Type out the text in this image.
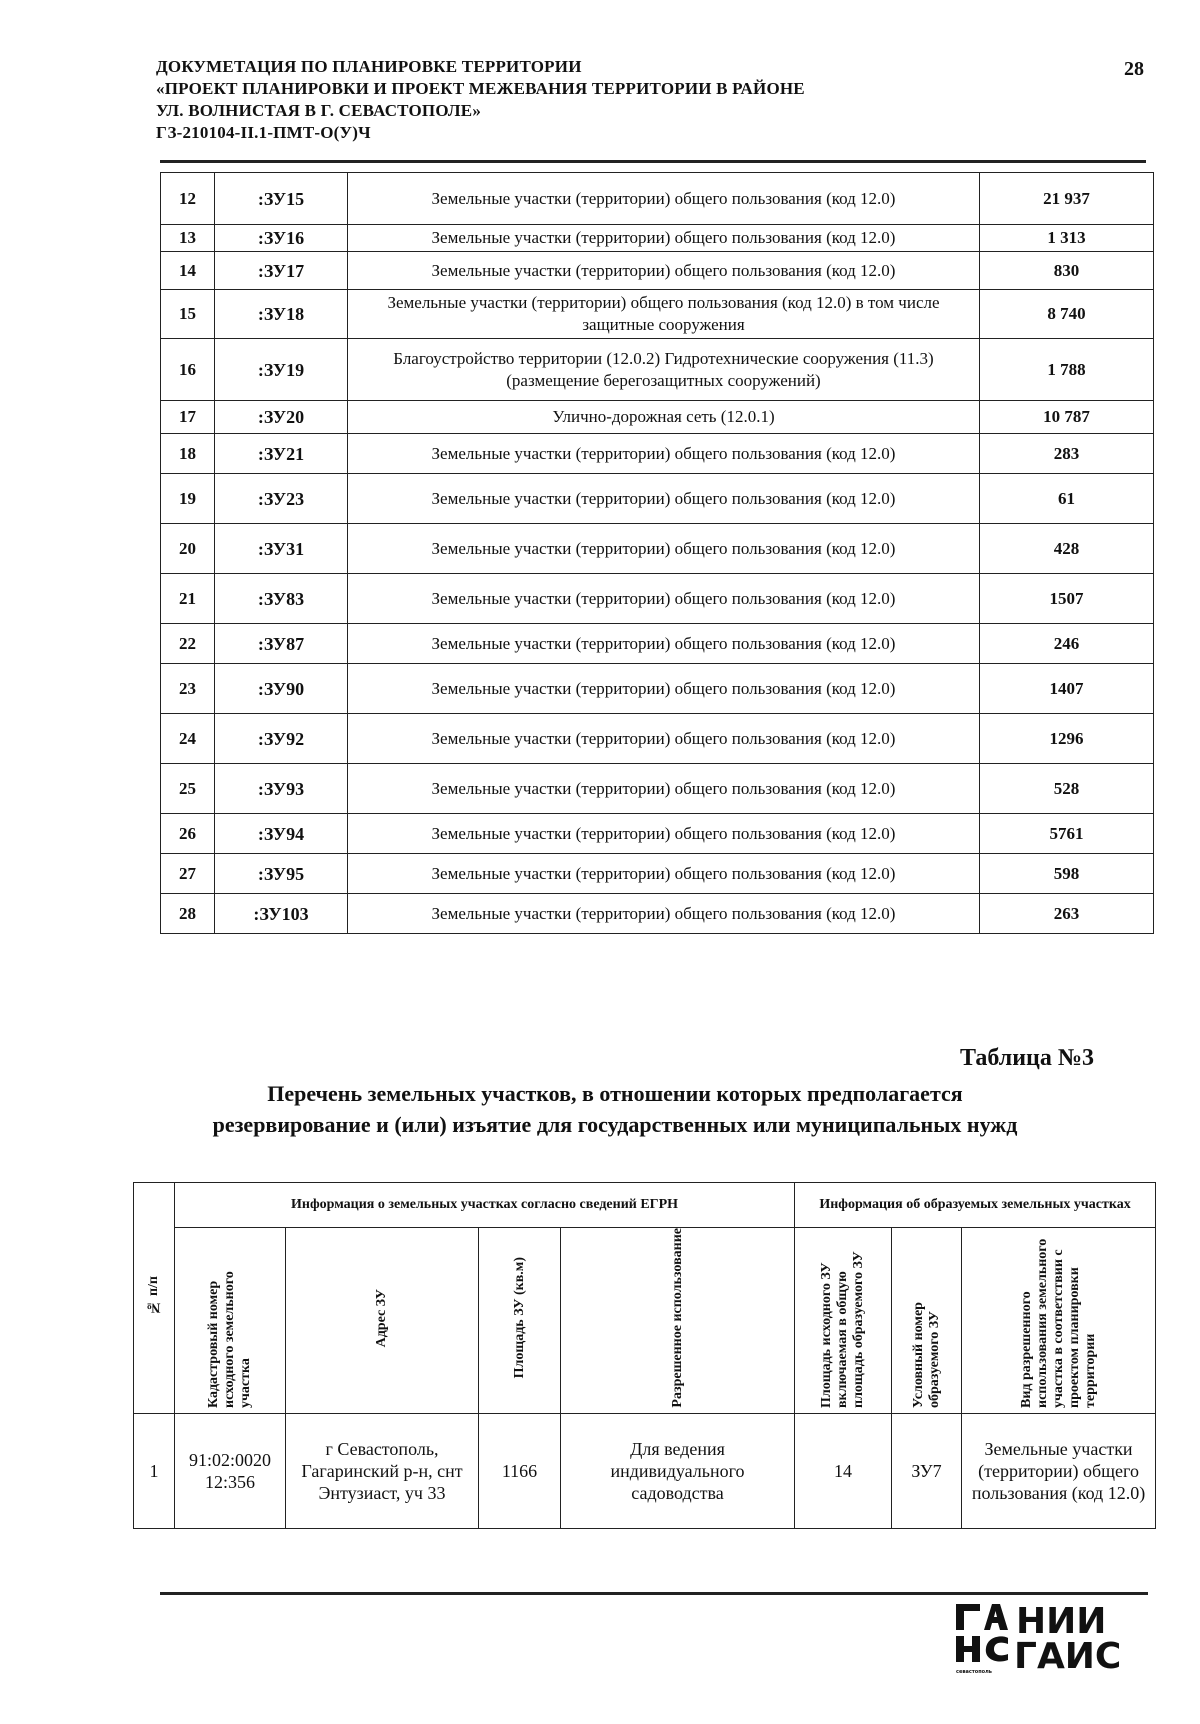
ДОКУМЕТАЦИЯ ПО ПЛАНИРОВКЕ ТЕРРИТОРИИ
«ПРОЕКТ ПЛАНИРОВКИ И ПРОЕКТ МЕЖЕВАНИЯ ТЕРРИТОРИИ В РАЙОНЕ
УЛ. ВОЛНИСТАЯ В Г. СЕВАСТОПОЛЕ»
ГЗ-210104-II.1-ПМТ-О(У)Ч
28
12	:ЗУ15	Земельные участки (территории) общего пользования (код 12.0)	21 937
13	:ЗУ16	Земельные участки (территории) общего пользования (код 12.0)	1 313
14	:ЗУ17	Земельные участки (территории) общего пользования (код 12.0)	830
15	:ЗУ18	Земельные участки (территории) общего пользования (код 12.0) в том числе защитные сооружения	8 740
16	:ЗУ19	Благоустройство территории (12.0.2) Гидротехнические сооружения (11.3)(размещение берегозащитных сооружений)	1 788
17	:ЗУ20	Улично-дорожная сеть (12.0.1)	10 787
18	:ЗУ21	Земельные участки (территории) общего пользования (код 12.0)	283
19	:ЗУ23	Земельные участки (территории) общего пользования (код 12.0)	61
20	:ЗУ31	Земельные участки (территории) общего пользования (код 12.0)	428
21	:ЗУ83	Земельные участки (территории) общего пользования (код 12.0)	1507
22	:ЗУ87	Земельные участки (территории) общего пользования (код 12.0)	246
23	:ЗУ90	Земельные участки (территории) общего пользования (код 12.0)	1407
24	:ЗУ92	Земельные участки (территории) общего пользования (код 12.0)	1296
25	:ЗУ93	Земельные участки (территории) общего пользования (код 12.0)	528
26	:ЗУ94	Земельные участки (территории) общего пользования (код 12.0)	5761
27	:ЗУ95	Земельные участки (территории) общего пользования (код 12.0)	598
28	:ЗУ103	Земельные участки (территории) общего пользования (код 12.0)	263
Таблица №3
Перечень земельных участков, в отношении которых предполагается
резервирование и (или) изъятие для государственных или муниципальных нужд
№ п/п	Информация о земельных участках согласно сведений ЕГРН				Информация об образуемых земельных участках		
	Кадастровый номер исходного земельного участка	Адрес ЗУ	Площадь ЗУ (кв.м)	Разрешенное использование	Площадь исходного ЗУ включаемая в общую площадь образуемого ЗУ	Условный номер образуемого ЗУ	Вид разрешенного использования земельного участка в соответствии с проектом планировки территории
1	91:02:0020 12:356	г Севастополь, Гагаринский р-н, снт Энтузиаст, уч 33	1166	Для ведения индивидуального садоводства	14	ЗУ7	Земельные участки (территории) общего пользования (код 12.0)
севастополь
НИИ
ГАИС
